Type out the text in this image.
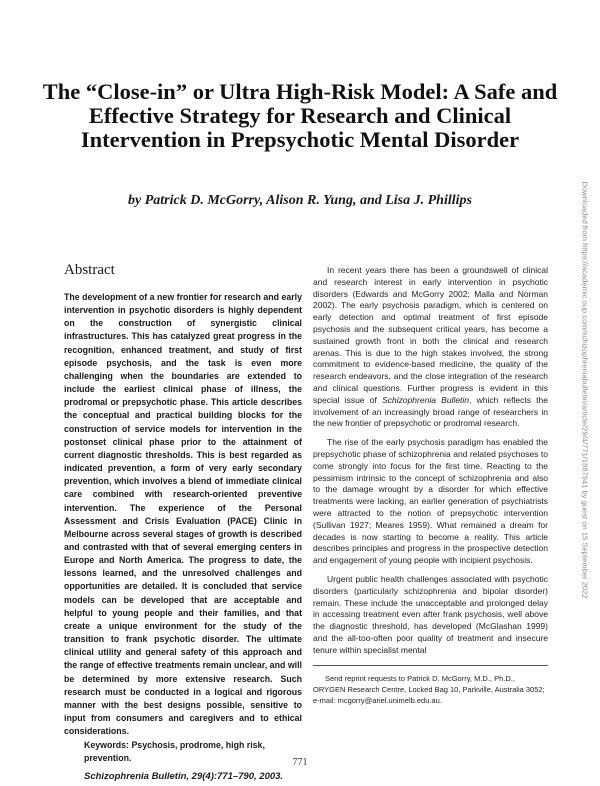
The “Close-in” or Ultra High-Risk Model: A Safe and Effective Strategy for Research and Clinical Intervention in Prepsychotic Mental Disorder

by Patrick D. McGorry, Alison R. Yung, and Lisa J. Phillips

Abstract

The development of a new frontier for research and early intervention in psychotic disorders is highly dependent on the construction of synergistic clinical infrastructures. This has catalyzed great progress in the recognition, enhanced treatment, and study of first episode psychosis, and the task is even more challenging when the boundaries are extended to include the earliest clinical phase of illness, the prodromal or prepsychotic phase. This article describes the conceptual and practical building blocks for the construction of service models for intervention in the postonset clinical phase prior to the attainment of current diagnostic thresholds. This is best regarded as indicated prevention, a form of very early secondary prevention, which involves a blend of immediate clinical care combined with research-oriented preventive intervention. The experience of the Personal Assessment and Crisis Evaluation (PACE) Clinic in Melbourne across several stages of growth is described and contrasted with that of several emerging centers in Europe and North America. The progress to date, the lessons learned, and the unresolved challenges and opportunities are detailed. It is concluded that service models can be developed that are acceptable and helpful to young people and their families, and that create a unique environment for the study of the transition to frank psychotic disorder. The ultimate clinical utility and general safety of this approach and the range of effective treatments remain unclear, and will be determined by more extensive research. Such research must be conducted in a logical and rigorous manner with the best designs possible, sensitive to input from consumers and caregivers and to ethical considerations.

Keywords: Psychosis, prodrome, high risk, prevention.

Schizophrenia Bulletin, 29(4):771–790, 2003.

In recent years there has been a groundswell of clinical and research interest in early intervention in psychotic disorders (Edwards and McGorry 2002; Malla and Norman 2002). The early psychosis paradigm, which is centered on early detection and optimal treatment of first episode psychosis and the subsequent critical years, has become a sustained growth front in both the clinical and research arenas. This is due to the high stakes involved, the strong commitment to evidence-based medicine, the quality of the research endeavors, and the close integration of the research and clinical questions. Further progress is evident in this special issue of Schizophrenia Bulletin, which reflects the involvement of an increasingly broad range of researchers in the new frontier of prepsychotic or prodromal research.

The rise of the early psychosis paradigm has enabled the prepsychotic phase of schizophrenia and related psychoses to come strongly into focus for the first time. Reacting to the pessimism intrinsic to the concept of schizophrenia and also to the damage wrought by a disorder for which effective treatments were lacking, an earlier generation of psychiatrists were attracted to the notion of prepsychotic intervention (Sullivan 1927; Meares 1959). What remained a dream for decades is now starting to become a reality. This article describes principles and progress in the prospective detection and engagement of young people with incipient psychosis.

Urgent public health challenges associated with psychotic disorders (particularly schizophrenia and bipolar disorder) remain. These include the unacceptable and prolonged delay in accessing treatment even after frank psychosis, well above the diagnostic threshold, has developed (McGlashan 1999) and the all-too-often poor quality of treatment and insecure tenure within specialist mental

Send reprint requests to Patrick D. McGorry, M.D., Ph.D., ORYGEN Research Centre, Locked Bag 10, Parkville, Australia 3052; e-mail: mcgorry@ariel.unimelb.edu.au.

771
Downloaded from https://academic.oup.com/schizophreniabulletin/article/29/4/771/1887941 by guest on 15 September 2022
